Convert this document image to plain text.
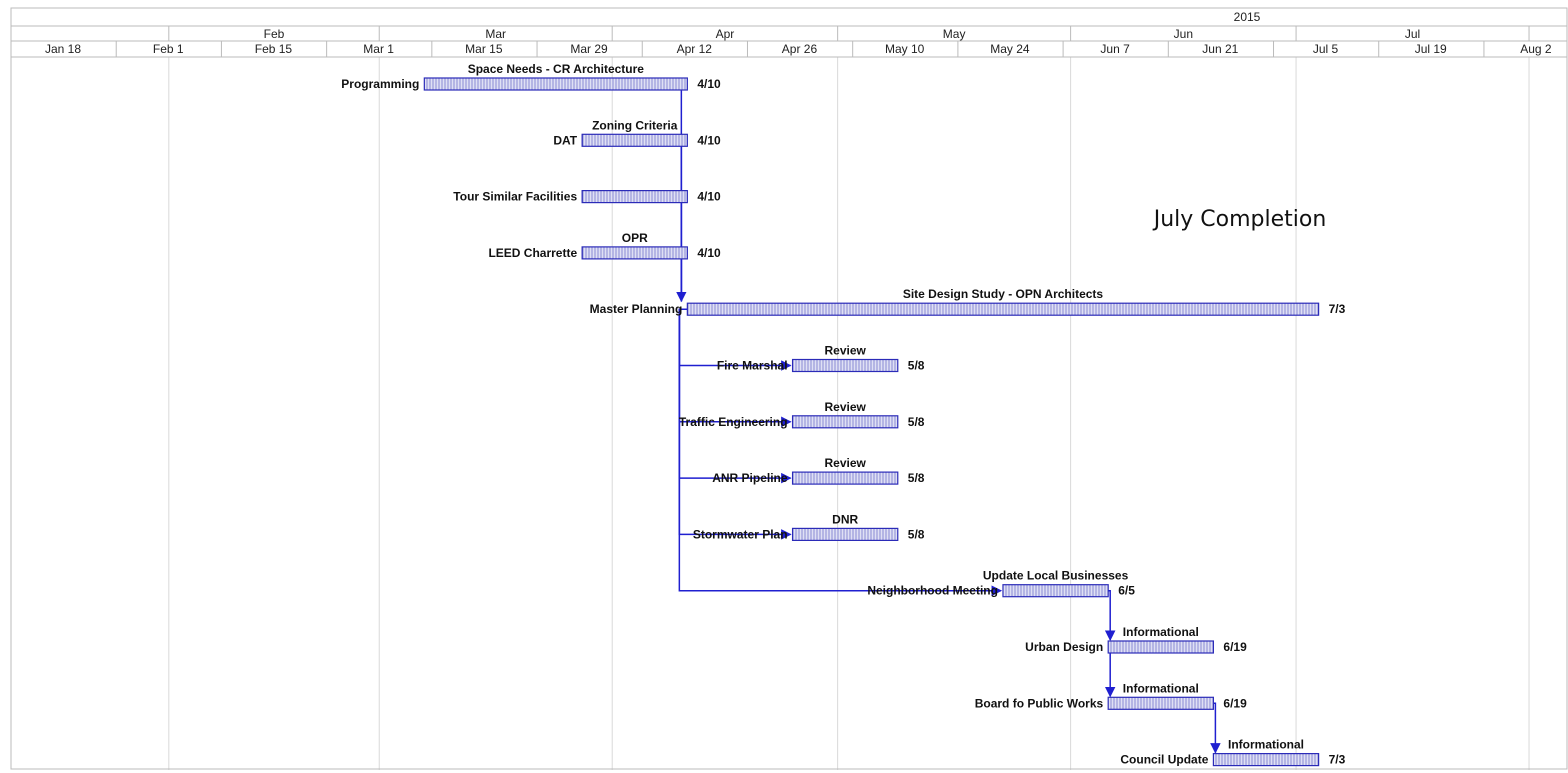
2015
Feb	Mar	Apr	May	Jun	Jul
Jan 18	Feb 1	Feb 15	Mar 1	Mar 15	Mar 29	Apr 12	Apr 26	May 10	May 24	Jun 7	Jun 21	Jul 5	Jul 19	Aug 2
Programming
Space Needs - CR Architecture
4/10
DAT
Zoning Criteria
4/10
Tour Similar Facilities	4/10
LEED Charrette
OPR
4/10
Master Planning
Site Design Study - OPN Architects
7/3
Fire Marshal
Review
5/8
Traffic Engineering
Review
5/8
ANR Pipeline
Review
5/8
Stormwater Plan
DNR
5/8
Neighborhood Meeting
Update Local Businesses
6/5
Urban Design
Informational
6/19
Board fo Public Works
Informational
6/19
Council Update
Informational
7/3
July Completion
